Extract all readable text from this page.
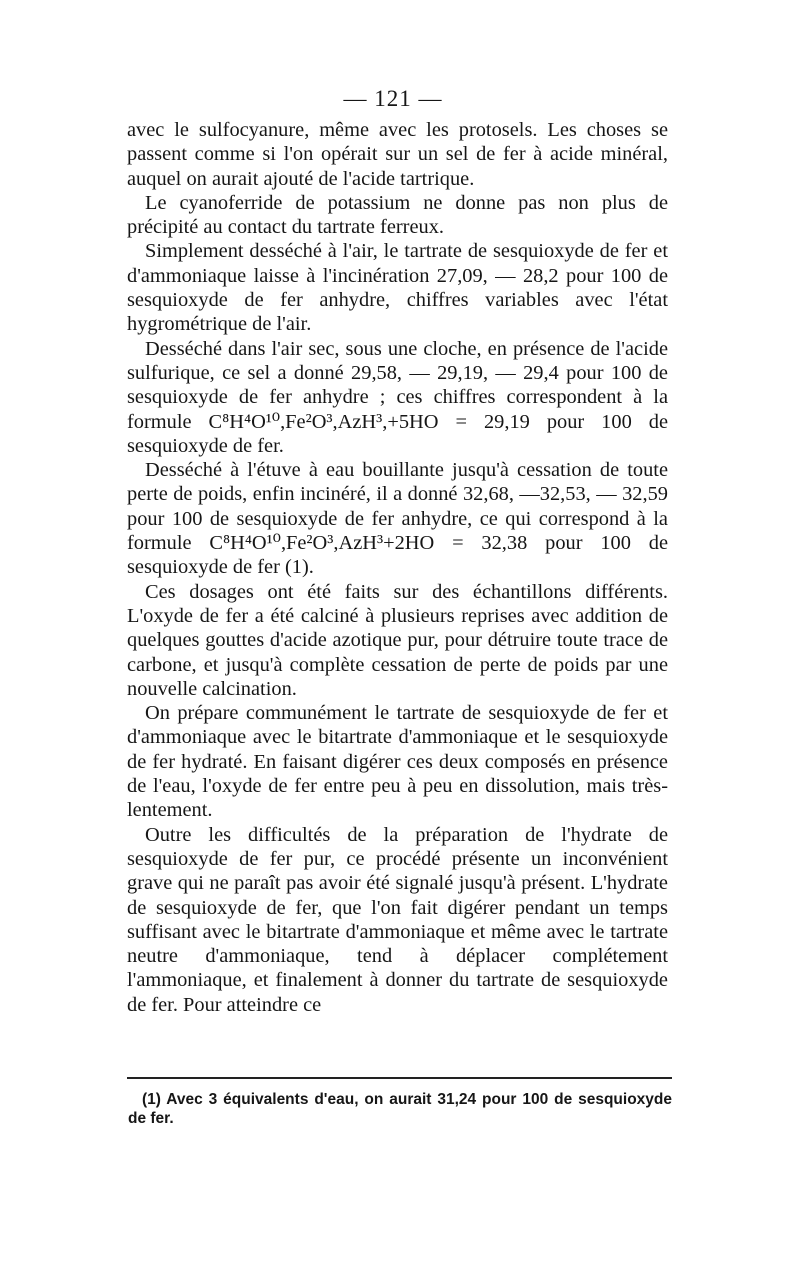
— 121 —

avec le sulfocyanure, même avec les protosels. Les choses se passent comme si l'on opérait sur un sel de fer à acide minéral, auquel on aurait ajouté de l'acide tartrique.

Le cyanoferride de potassium ne donne pas non plus de précipité au contact du tartrate ferreux.

Simplement desséché à l'air, le tartrate de sesquioxyde de fer et d'ammoniaque laisse à l'incinération 27,09, — 28,2 pour 100 de sesquioxyde de fer anhydre, chiffres variables avec l'état hygrométrique de l'air.

Desséché dans l'air sec, sous une cloche, en présence de l'acide sulfurique, ce sel a donné 29,58, — 29,19, — 29,4 pour 100 de sesquioxyde de fer anhydre ; ces chiffres correspondent à la formule C⁸H⁴O¹⁰,Fe²O³,AzH³,+5HO = 29,19 pour 100 de sesquioxyde de fer.

Desséché à l'étuve à eau bouillante jusqu'à cessation de toute perte de poids, enfin incinéré, il a donné 32,68, —32,53, — 32,59 pour 100 de sesquioxyde de fer anhydre, ce qui correspond à la formule C⁸H⁴O¹⁰,Fe²O³,AzH³+2HO = 32,38 pour 100 de sesquioxyde de fer (1).

Ces dosages ont été faits sur des échantillons différents. L'oxyde de fer a été calciné à plusieurs reprises avec addition de quelques gouttes d'acide azotique pur, pour détruire toute trace de carbone, et jusqu'à complète cessation de perte de poids par une nouvelle calcination.

On prépare communément le tartrate de sesquioxyde de fer et d'ammoniaque avec le bitartrate d'ammoniaque et le sesquioxyde de fer hydraté. En faisant digérer ces deux composés en présence de l'eau, l'oxyde de fer entre peu à peu en dissolution, mais très-lentement.

Outre les difficultés de la préparation de l'hydrate de sesquioxyde de fer pur, ce procédé présente un inconvénient grave qui ne paraît pas avoir été signalé jusqu'à présent. L'hydrate de sesquioxyde de fer, que l'on fait digérer pendant un temps suffisant avec le bitartrate d'ammoniaque et même avec le tartrate neutre d'ammoniaque, tend à déplacer complétement l'ammoniaque, et finalement à donner du tartrate de sesquioxyde de fer. Pour atteindre ce

(1) Avec 3 équivalents d'eau, on aurait 31,24 pour 100 de sesquioxyde de fer.
